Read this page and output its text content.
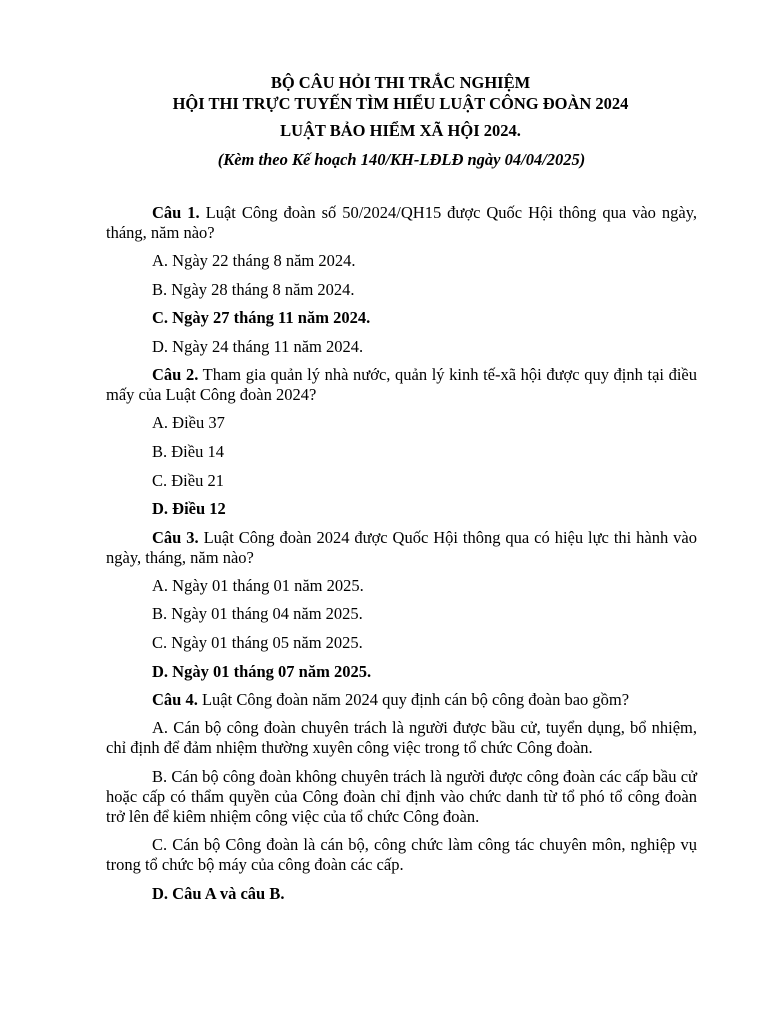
BỘ CÂU HỎI THI TRẮC NGHIỆM
HỘI THI TRỰC TUYẾN TÌM HIỂU LUẬT CÔNG ĐOÀN 2024
LUẬT BẢO HIỂM XÃ HỘI 2024.
(Kèm theo Kế hoạch 140/KH-LĐLĐ ngày 04/04/2025)

Câu 1. Luật Công đoàn số 50/2024/QH15 được Quốc Hội thông qua vào ngày, tháng, năm nào?

A. Ngày 22 tháng 8 năm 2024.

B. Ngày 28 tháng 8 năm 2024.

C. Ngày 27 tháng 11 năm 2024.

D. Ngày 24 tháng 11 năm 2024.

Câu 2. Tham gia quản lý nhà nước, quản lý kinh tế-xã hội được quy định tại điều mấy của Luật Công đoàn 2024?

A. Điều 37

B. Điều 14

C. Điều 21

D. Điều 12

Câu 3. Luật Công đoàn 2024 được Quốc Hội thông qua có hiệu lực thi hành vào ngày, tháng, năm nào?

A. Ngày 01 tháng 01 năm 2025.

B. Ngày 01 tháng 04 năm 2025.

C. Ngày 01 tháng 05 năm 2025.

D. Ngày 01 tháng 07 năm 2025.

Câu 4. Luật Công đoàn năm 2024 quy định cán bộ công đoàn bao gồm?

A. Cán bộ công đoàn chuyên trách là người được bầu cử, tuyển dụng, bổ nhiệm, chỉ định để đảm nhiệm thường xuyên công việc trong tổ chức Công đoàn.

B. Cán bộ công đoàn không chuyên trách là người được công đoàn các cấp bầu cử hoặc cấp có thẩm quyền của Công đoàn chỉ định vào chức danh từ tổ phó tổ công đoàn trở lên để kiêm nhiệm công việc của tổ chức Công đoàn.

C. Cán bộ Công đoàn là cán bộ, công chức làm công tác chuyên môn, nghiệp vụ trong tổ chức bộ máy của công đoàn các cấp.

D. Câu A và câu B.
